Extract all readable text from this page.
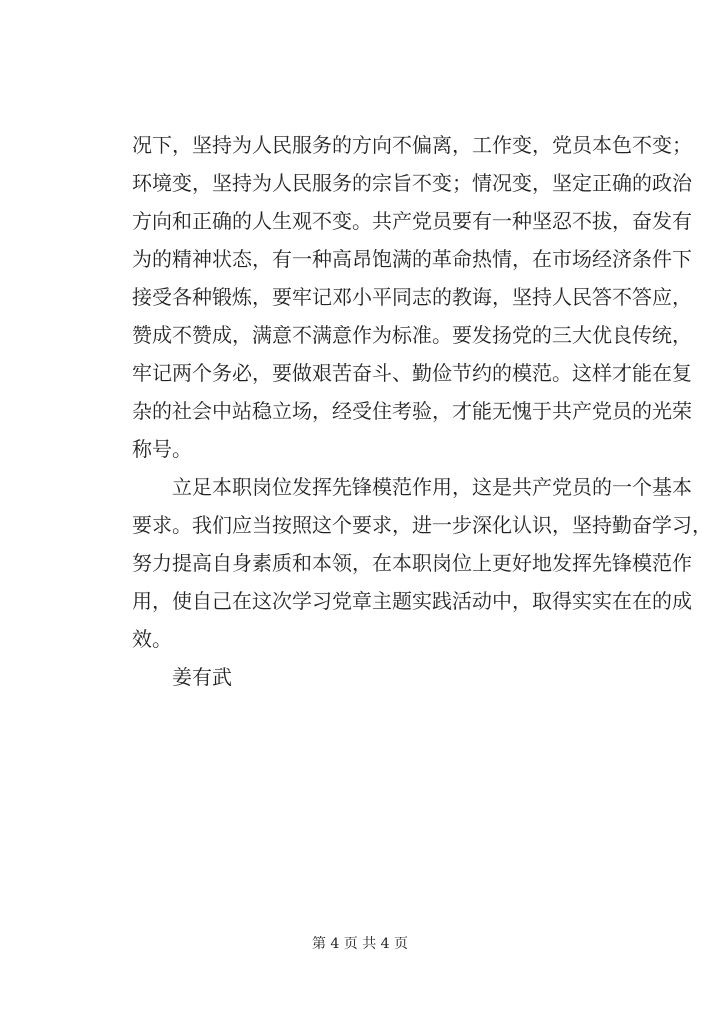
况下，坚持为人民服务的方向不偏离，工作变，党员本色不变；
环境变，坚持为人民服务的宗旨不变；情况变，坚定正确的政治
方向和正确的人生观不变。共产党员要有一种坚忍不拔，奋发有
为的精神状态，有一种高昂饱满的革命热情，在市场经济条件下
接受各种锻炼，要牢记邓小平同志的教诲，坚持人民答不答应，
赞成不赞成，满意不满意作为标准。要发扬党的三大优良传统，
牢记两个务必，要做艰苦奋斗、勤俭节约的模范。这样才能在复
杂的社会中站稳立场，经受住考验，才能无愧于共产党员的光荣
称号。
立足本职岗位发挥先锋模范作用，这是共产党员的一个基本
要求。我们应当按照这个要求，进一步深化认识，坚持勤奋学习，
努力提高自身素质和本领，在本职岗位上更好地发挥先锋模范作
用，使自己在这次学习党章主题实践活动中，取得实实在在的成
效。
姜有武
第 4 页 共 4 页
